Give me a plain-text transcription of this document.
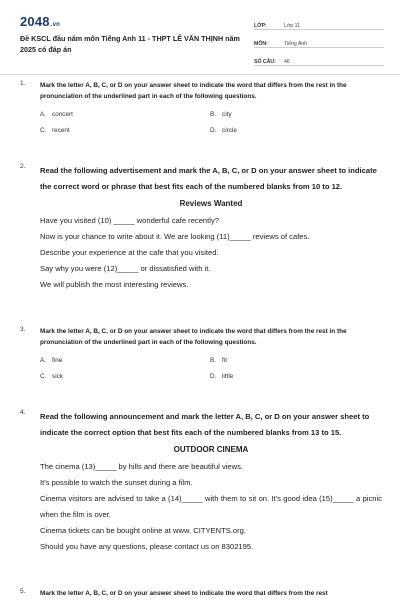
2048.vn
Đề KSCL đầu năm môn Tiếng Anh 11 - THPT LÊ VĂN THỊNH năm 2025 có đáp án
LỚP:	Lớp 11
MÔN:	Tiếng Anh
SỐ CÂU:	46
1. Mark the letter A, B, C, or D on your answer sheet to indicate the word that differs from the rest in the pronunciation of the underlined part in each of the following questions.
A. concert	B. city
C. recent	D. circle
2. Read the following advertisement and mark the A, B, C, or D on your answer sheet to indicate the correct word or phrase that best fits each of the numbered blanks from 10 to 12.
Reviews Wanted
Have you visited (10) _____ wonderful cafe recently?
Now is your chance to write about it. We are looking (11)_____ reviews of cafes.
Describe your experience at the cafe that you visited.
Say why you were (12)_____ or dissatisfied with it.
We will publish the most interesting reviews.
3. Mark the letter A, B, C, or D on your answer sheet to indicate the word that differs from the rest in the pronunciation of the underlined part in each of the following questions.
A. fine	B. fit
C. sick	D. little
4. Read the following announcement and mark the letter A, B, C, or D on your answer sheet to indicate the correct option that best fits each of the numbered blanks from 13 to 15.
OUTDOOR CINEMA
The cinema (13)_____ by hills and there are beautiful views.
It's possible to watch the sunset during a film.
Cinema visitors are advised to take a (14)_____ with them to sit on. It's good idea (15)_____ a picnic when the film is over.
Cinema tickets can be bought online at www. CITYENTS.org.
Should you have any questions, please contact us on 8302195.
5. Mark the letter A, B, C, or D on your answer sheet to indicate the word that differs from the rest
